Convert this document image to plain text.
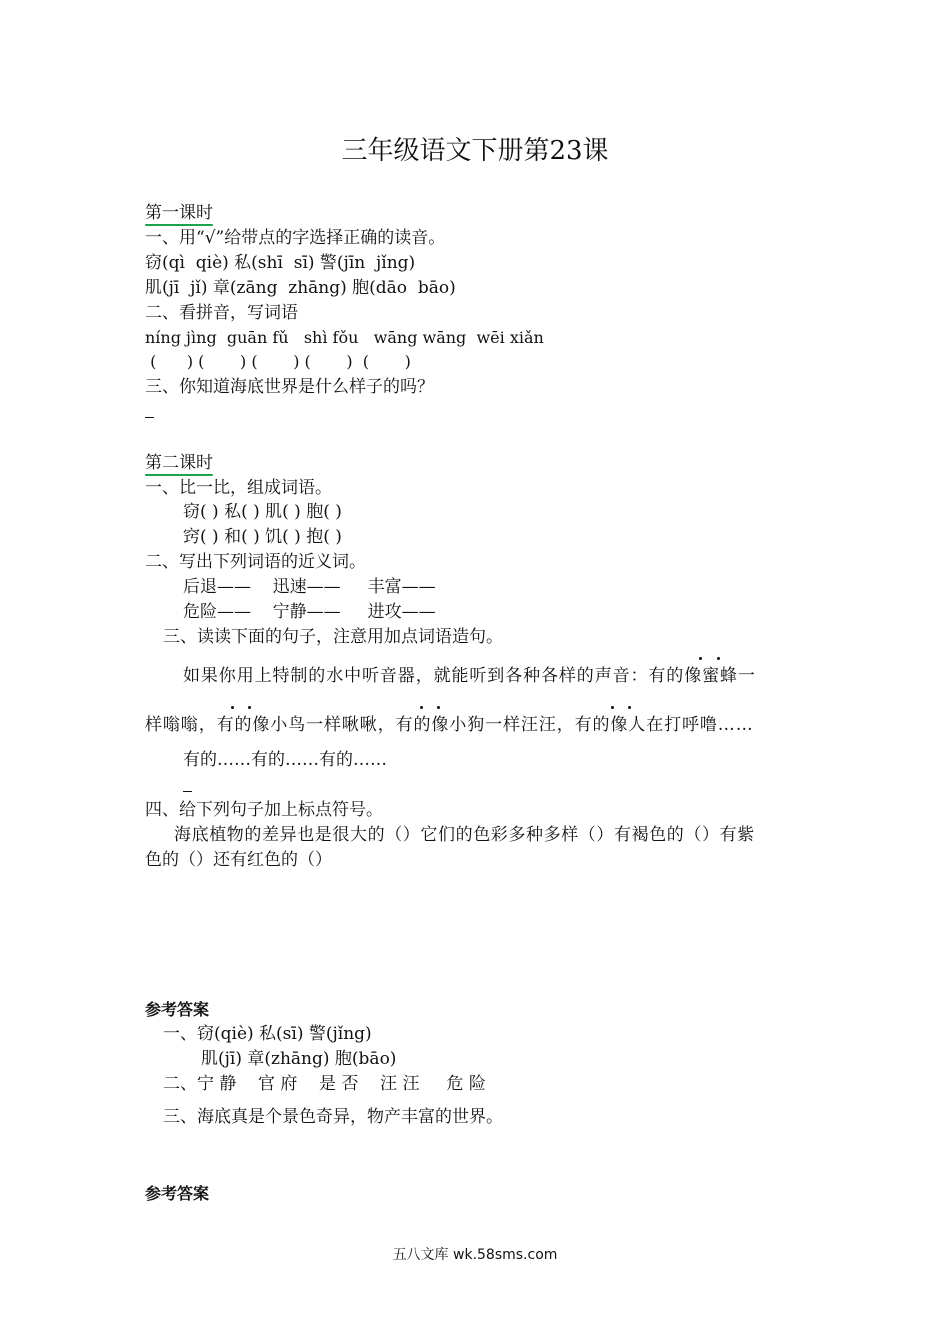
三年级语文下册第23课
第一课时
一、用“√”给带点的字选择正确的读音。
窃(qì  qiè) 私(shī  sī) 警(jīn  jǐng)
肌(jī  jǐ) 章(zāng  zhāng) 胞(dāo  bāo)
二、看拼音，写词语
níng jìng  guān fǔ   shì fǒu   wāng wāng  wēi xiǎn
(      ) (       ) (       ) (       )  (       )
三、你知道海底世界是什么样子的吗？
第二课时
一、比一比，组成词语。
窃( ) 私( ) 肌( ) 胞( )
窍( ) 和( ) 饥( ) 抱( )
二、写出下列词语的近义词。
后退——    迅速——     丰富——
危险——    宁静——     进攻——
三、读读下面的句子，注意用加点词语造句。
如果你用上特制的水中听音器，就能听到各种各样的声音：有的像蜜蜂一
样嗡嗡，有的像小鸟一样啾啾，有的像小狗一样汪汪，有的像人在打呼噜……
有的……有的……有的……
四、给下列句子加上标点符号。
海底植物的差异也是很大的（）它们的色彩多种多样（）有褐色的（）有紫
色的（）还有红色的（）
参考答案
一、窃(qiè) 私(sī) 警(jǐng)
肌(jī) 章(zhāng) 胞(bāo)
二、宁 静    官 府    是 否    汪 汪     危 险
三、海底真是个景色奇异，物产丰富的世界。
参考答案
五八文库 wk.58sms.com
